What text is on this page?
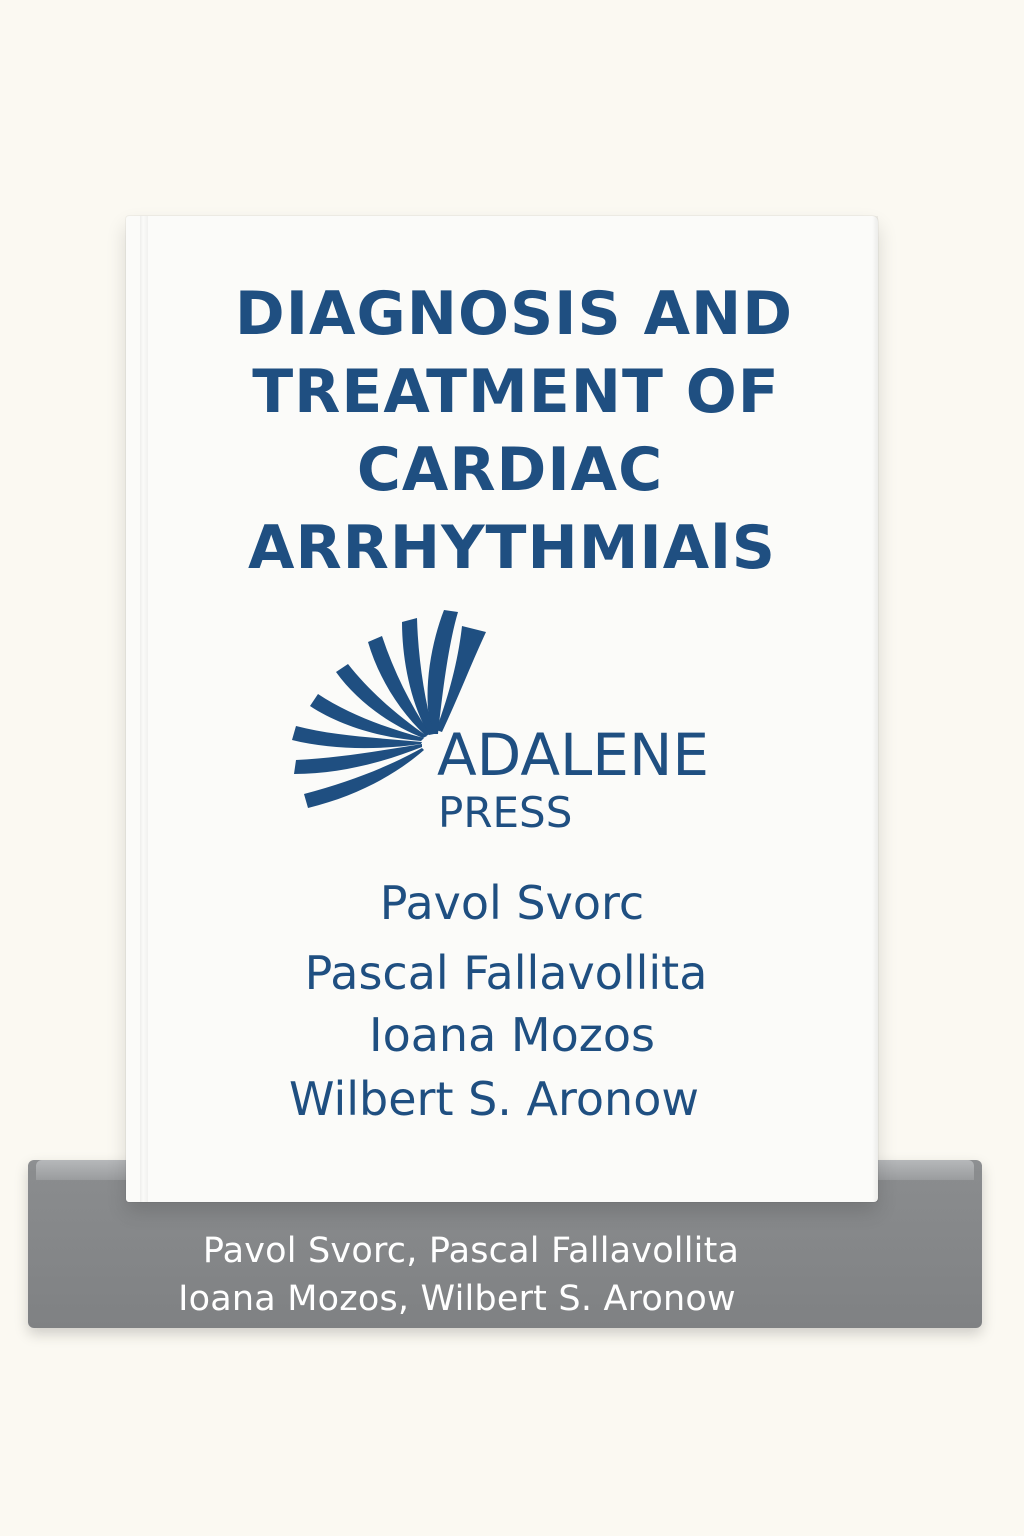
Pavol Svorc, Pascal Fallavollita
Ioana Mozos, Wilbert S. Aronow
DIAGNOSIS AND
TREATMENT OF
CARDIAC
ARRHYTHMIAlS
ADALENE
PRESS
Pavol Svorc
Pascal Fallavollita
Ioana Mozos
Wilbert S. Aronow
